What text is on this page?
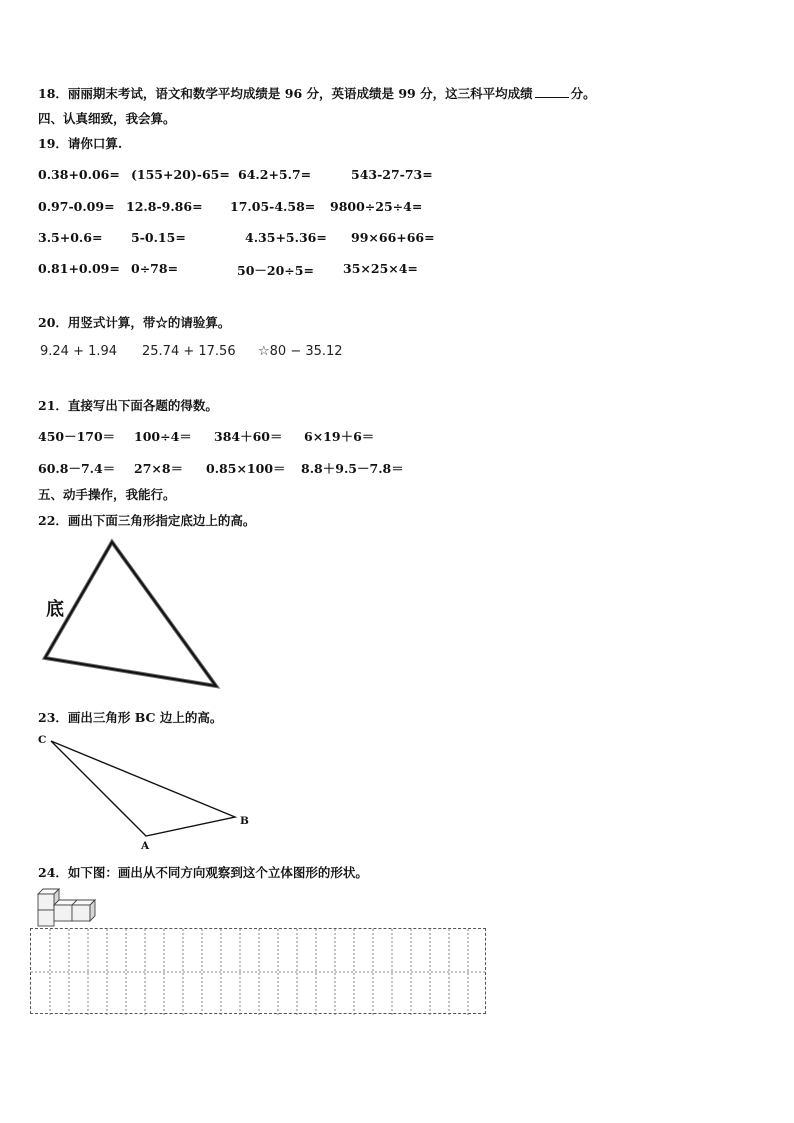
18．丽丽期末考试，语文和数学平均成绩是 96 分，英语成绩是 99 分，这三科平均成绩	分。
四、认真细致，我会算。
19．请你口算.
0.38+0.06= (155+20)-65= 64.2+5.7=	543-27-73=
0.97-0.09= 12.8-9.86= 17.05-4.58= 9800÷25÷4=
3.5+0.6= 5-0.15=	4.35+5.36= 99×66+66=
0.81+0.09= 0÷78=	50－20÷5= 35×25×4=
20．用竖式计算，带☆的请验算。
9.24 + 1.94 25.74 + 17.56 ☆80 − 35.12
21．直接写出下面各题的得数。
450－170＝ 100÷4＝ 384＋60＝ 6×19＋6＝
60.8－7.4＝ 27×8＝ 0.85×100＝ 8.8＋9.5－7.8＝
五、动手操作，我能行。
22．画出下面三角形指定底边上的高。
底
23．画出三角形 BC 边上的高。
C
A
B
24．如下图：画出从不同方向观察到这个立体图形的形状。
